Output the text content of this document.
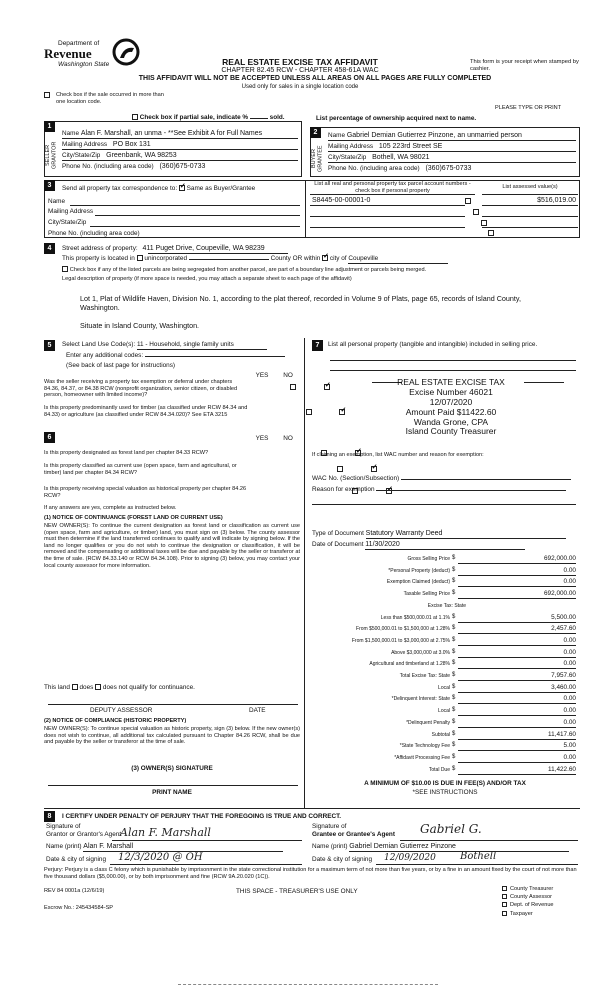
Department of
Revenue
Washington State	REAL ESTATE EXCISE TAX AFFIDAVIT
CHAPTER 82.45 RCW - CHAPTER 458-61A WAC
THIS AFFIDAVIT WILL NOT BE ACCEPTED UNLESS ALL AREAS ON ALL PAGES ARE FULLY COMPLETED
Used only for sales in a single location code
This form is your receipt when stamped by cashier.
Check box if the sale occurred in more than one location code.
PLEASE TYPE OR PRINT
Check box if partial sale, indicate %	sold.	List percentage of ownership acquired next to name.
1
SELLER GRANTOR
Name Alan F. Marshall, an unma - **See Exhibit A for Full Names
Mailing Address PO Box 131
City/State/Zip Greenbank, WA 98253
Phone No. (including area code) (360)675-0733
2
BUYER GRANTEE
Name Gabriel Demian Gutierrez Pinzone, an unmarried person
Mailing Address 105 223rd Street SE
City/State/Zip Bothell, WA 98021
Phone No. (including area code) (360)675-0733
3	Send all property tax correspondence to: ✓ Same as Buyer/Grantee
Name
Mailing Address
City/State/Zip
Phone No. (including area code)
List all real and personal property tax parcel account numbers - check box if personal property
List assessed value(s)
S8445-00-00001-0
	$516,019.00

4	Street address of property: 411 Puget Drive, Coupeville, WA 98239
This property is located in unincorporated	County OR within ✓ city of Coupeville
Check box if any of the listed parcels are being segregated from another parcel, are part of a boundary line adjustment or parcels being merged.
Legal description of property (if more space is needed, you may attach a separate sheet to each page of the affidavit)
Lot 1, Plat of Wildlife Haven, Division No. 1, according to the plat thereof, recorded in Volume 9 of Plats, page 65, records of Island County, Washington.
Situate in Island County, Washington.
5	Select Land Use Code(s): 11 - Household, single family units
Enter any additional codes:
(See back of last page for instructions)
YES	NO
Was the seller receiving a property tax exemption or deferral under chapters 84.36, 84.37, or 84.38 RCW (nonprofit organization, senior citizen, or disabled person, homeowner with limited income)?
✓
Is this property predominantly used for timber (as classified under RCW 84.34 and 84.33) or agriculture (as classified under RCW 84.34.020)? See ETA 3215
✓
6	YES	NO
Is this property designated as forest land per chapter 84.33 RCW?
✓
Is this property classified as current use (open space, farm and agricultural, or timber) land per chapter 84.34 RCW?
✓
Is this property receiving special valuation as historical property per chapter 84.26 RCW?
✓
If any answers are yes, complete as instructed below.
(1) NOTICE OF CONTINUANCE (FOREST LAND OR CURRENT USE)
NEW OWNER(S): To continue the current designation as forest land or classification as current use (open space, farm and agriculture, or timber) land, you must sign on (3) below. The county assessor must then determine if the land transferred continues to qualify and will indicate by signing below. If the land no longer qualifies or you do not wish to continue the designation or classification, it will be removed and the compensating or additional taxes will be due and payable by the seller or transferor at the time of sale. (RCW 84.33.140 or RCW 84.34.108). Prior to signing (3) below, you may contact your local county assessor for more information.
This land does does not qualify for continuance.
DEPUTY ASSESSOR	DATE
(2) NOTICE OF COMPLIANCE (HISTORIC PROPERTY)
NEW OWNER(S): To continue special valuation as historic property, sign (3) below. If the new owner(s) does not wish to continue, all additional tax calculated pursuant to Chapter 84.26 RCW, shall be due and payable by the seller or transferor at the time of sale.
(3) OWNER(S) SIGNATURE
PRINT NAME
7	List all personal property (tangible and intangible) included in selling price.
REAL ESTATE EXCISE TAX
Excise Number 46021
12/07/2020
Amount Paid $11422.60
Wanda Grone, CPA
Island County Treasurer
If claiming an exemption, list WAC number and reason for exemption:
WAC No. (Section/Subsection)
Reason for exemption
Type of Document Statutory Warranty Deed
Date of Document 11/30/2020
Gross Selling Price $	692,000.00
*Personal Property (deduct) $	0.00
Exemption Claimed (deduct) $	0.00
Taxable Selling Price $	692,000.00
Excise Tax: State
Less than $500,000.01 at 1.1% $	5,500.00
From $500,000.01 to $1,500,000 at 1.28% $	2,457.60
From $1,500,000.01 to $3,000,000 at 2.75% $	0.00
Above $3,000,000 at 3.0% $	0.00
Agricultural and timberland at 1.28% $	0.00
Total Excise Tax: State $	7,957.60
Local $	3,460.00
*Delinquent Interest: State $	0.00
Local $	0.00
*Delinquent Penalty $	0.00
Subtotal $	11,417.60
*State Technology Fee $	5.00
*Affidavit Processing Fee $	0.00
Total Due $	11,422.60
A MINIMUM OF $10.00 IS DUE IN FEE(S) AND/OR TAX
*SEE INSTRUCTIONS
8	I CERTIFY UNDER PENALTY OF PERJURY THAT THE FOREGOING IS TRUE AND CORRECT.
Signature of
Grantor or Grantor's Agent
Alan F. Marshall
Name (print) Alan F. Marshall
Date & city of signing 12/3/2020 @ OH
Signature of
Grantee or Grantee's Agent Gabriel G.
Name (print) Gabriel Demian Gutierrez Pinzone
Date & city of signing 12/09/2020 Bothell
Perjury: Perjury is a class C felony which is punishable by imprisonment in the state correctional institution for a maximum term of not more than five years, or by a fine in an amount fixed by the court of not more than five thousand dollars ($5,000.00), or by both imprisonment and fine (RCW 9A.20.020 (1C)).
REV 84 0001a (12/6/19)	THIS SPACE - TREASURER'S USE ONLY
Escrow No.: 245434584-SP
County Treasurer
County Assessor
Dept. of Revenue
Taxpayer
